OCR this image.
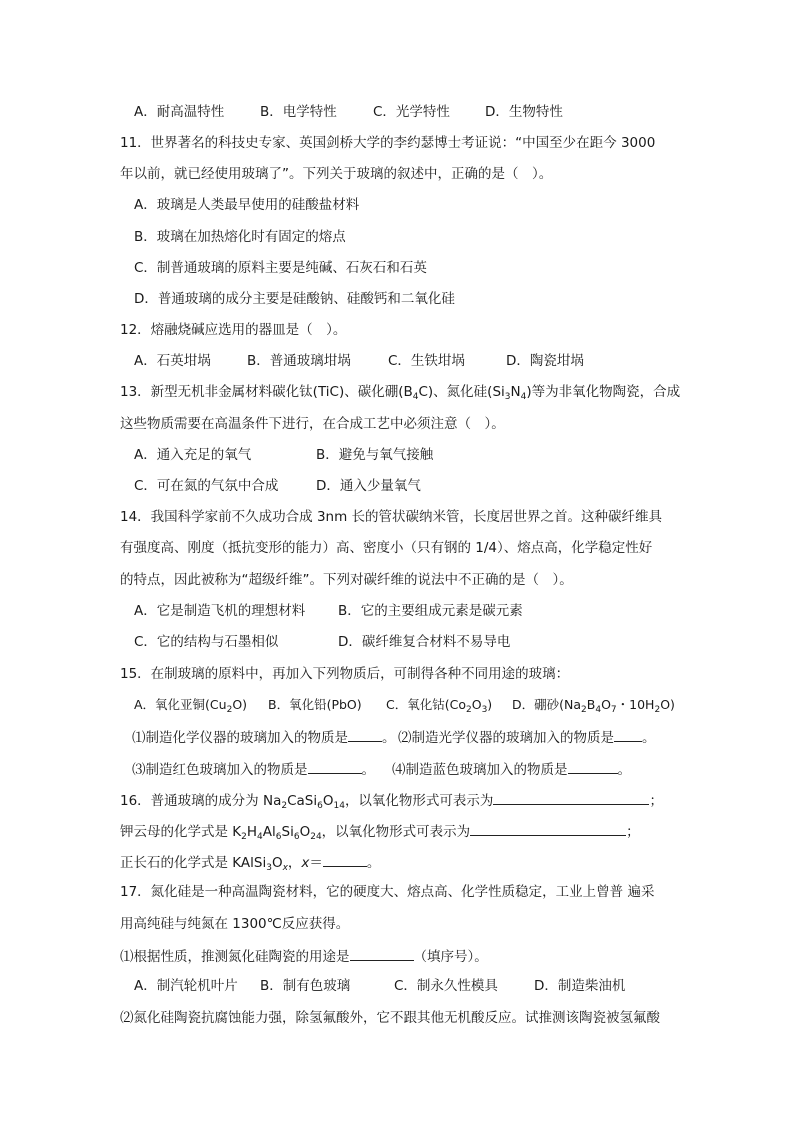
A．耐高温特性	B．电学特性	C．光学特性	D．生物特性
11．世界著名的科技史专家、英国剑桥大学的李约瑟博士考证说：“中国至少在距今 3000
年以前，就已经使用玻璃了”。下列关于玻璃的叙述中，正确的是（　）。
A．玻璃是人类最早使用的硅酸盐材料
B．玻璃在加热熔化时有固定的熔点
C．制普通玻璃的原料主要是纯碱、石灰石和石英
D．普通玻璃的成分主要是硅酸钠、硅酸钙和二氧化硅
12．熔融烧碱应选用的器皿是（　）。
A．石英坩埚	B．普通玻璃坩埚	C．生铁坩埚	D．陶瓷坩埚
13．新型无机非金属材料碳化钛(TiC)、碳化硼$(B_4C)$、氮化硅$(Si_3N_4)$等为非氧化物陶瓷，合成
这些物质需要在高温条件下进行，在合成工艺中必须注意（　）。
A．通入充足的氧气	B．避免与氧气接触
C．可在氮的气氛中合成	D．通入少量氧气
14．我国科学家前不久成功合成 3nm 长的管状碳纳米管，长度居世界之首。这种碳纤维具
有强度高、刚度（抵抗变形的能力）高、密度小（只有钢的 1/4）、熔点高，化学稳定性好
的特点，因此被称为“超级纤维”。下列对碳纤维的说法中不正确的是（　）。
A．它是制造飞机的理想材料 B．它的主要组成元素是碳元素
C．它的结构与石墨相似	D．碳纤维复合材料不易导电
15．在制玻璃的原料中，再加入下列物质后，可制得各种不同用途的玻璃：
A．氧化亚铜$(Cu_2O)$ B．氧化铅(PbO) C．氧化钴$(Co_2O_3)$ D．硼砂($Na_2B_4O_7$・$10H_2O$)
⑴制造化学仪器的玻璃加入的物质是	。 ⑵制造光学仪器的玻璃加入的物质是 。
⑶制造红色玻璃加入的物质是	。 ⑷制造蓝色玻璃加入的物质是	。
16．普通玻璃的成分为 $Na_2CaSi_6O_{14}$，以氧化物形式可表示为	；
钾云母的化学式是 $K_2H_4Al_6Si_6O_{24}$，以氧化物形式可表示为	；
正长石的化学式是 $KAlSi_3O_x$，x＝	。
17．氮化硅是一种高温陶瓷材料，它的硬度大、熔点高、化学性质稳定，工业上曾普 遍采
用高纯硅与纯氮在 1300℃反应获得。
⑴根据性质，推测氮化硅陶瓷的用途是	（填序号）。
A．制汽轮机叶片 B．制有色玻璃	C．制永久性模具	D．制造柴油机
⑵氮化硅陶瓷抗腐蚀能力强，除氢氟酸外，它不跟其他无机酸反应。试推测该陶瓷被氢氟酸
